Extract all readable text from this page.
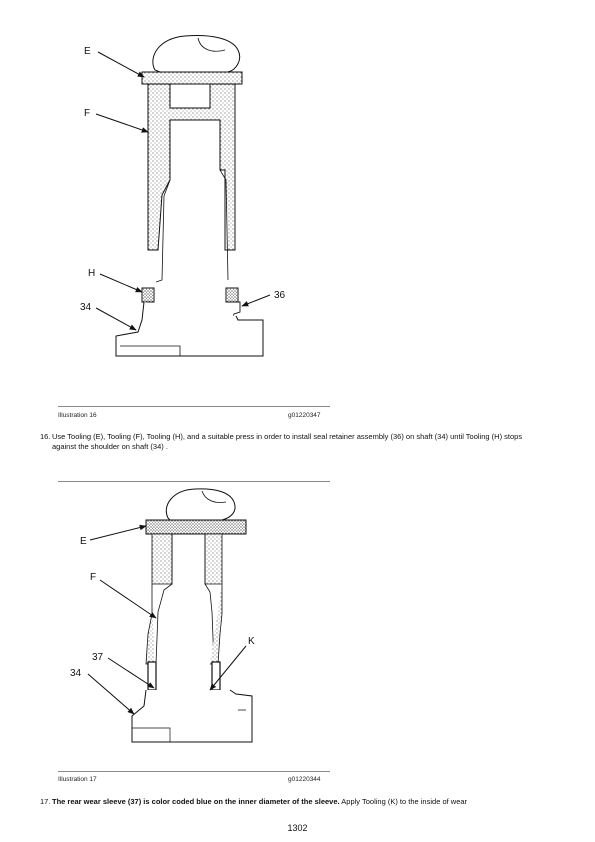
E
F
H
36
34
Illustration 16	g01220347
16. Use Tooling (E), Tooling (F), Tooling (H), and a suitable press in order to install seal retainer assembly (36) on shaft (34) until Tooling (H) stops against the shoulder on shaft (34) .
E
F
K
37
34
Illustration 17	g01220344
17. The rear wear sleeve (37) is color coded blue on the inner diameter of the sleeve. Apply Tooling (K) to the inside of wear
1302
